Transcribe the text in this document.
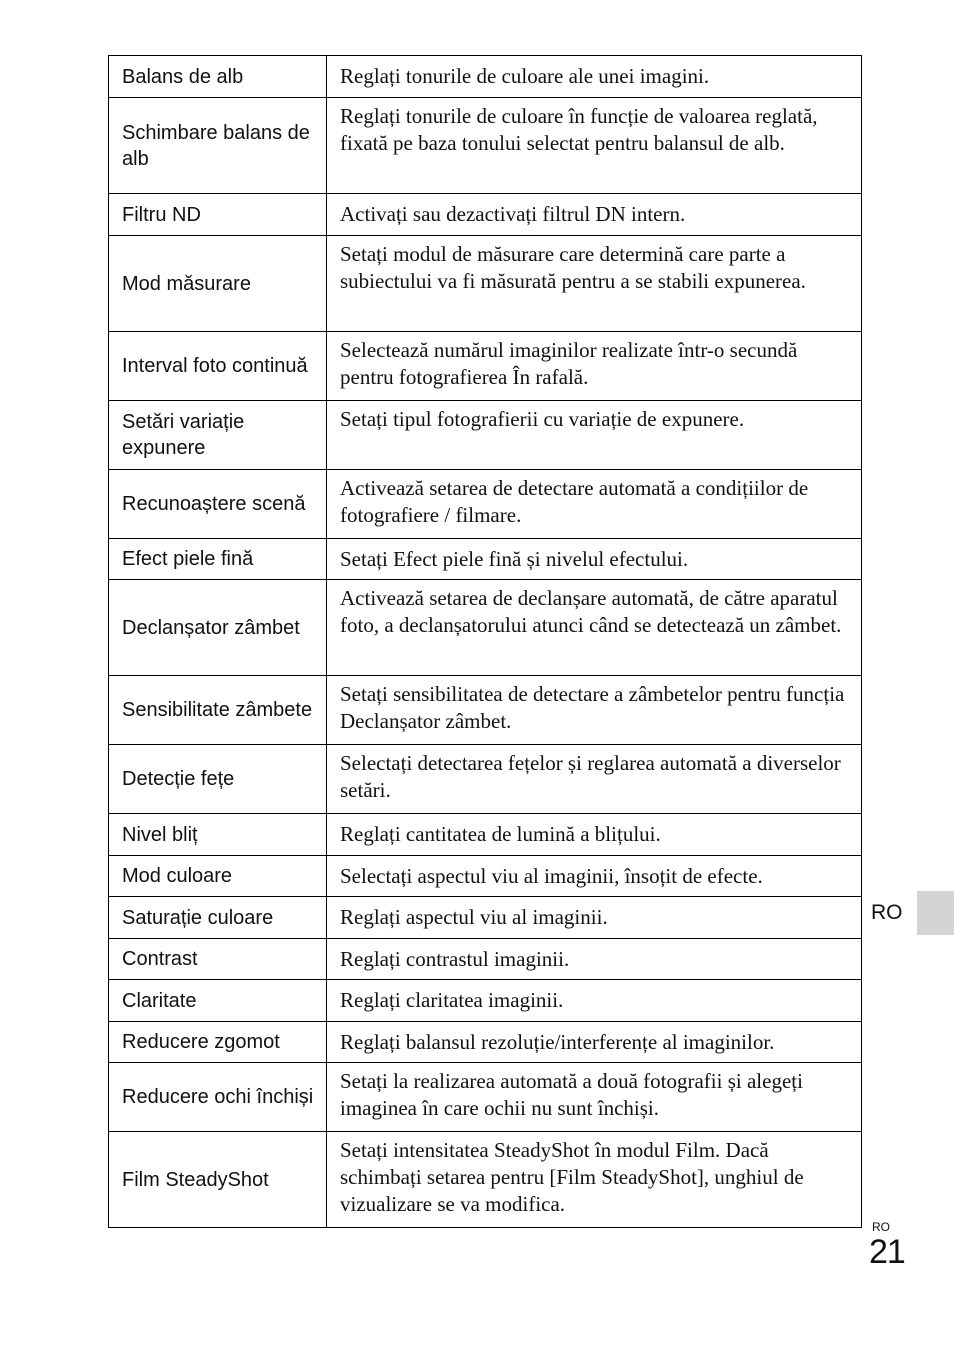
Balans de alb	Reglați tonurile de culoare ale unei imagini.
Schimbare balans de alb	Reglați tonurile de culoare în funcție de valoarea reglată, fixată pe baza tonului selectat pentru balansul de alb.
Filtru ND	Activați sau dezactivați filtrul DN intern.
Mod măsurare	Setați modul de măsurare care determină care parte a subiectului va fi măsurată pentru a se stabili expunerea.
Interval foto continuă	Selectează numărul imaginilor realizate într-o secundă pentru fotografierea În rafală.
Setări variație expunere	Setați tipul fotografierii cu variație de expunere.
Recunoaștere scenă	Activează setarea de detectare automată a condițiilor de fotografiere / filmare.
Efect piele fină	Setați Efect piele fină și nivelul efectului.
Declanșator zâmbet	Activează setarea de declanșare automată, de către aparatul foto, a declanșatorului atunci când se detectează un zâmbet.
Sensibilitate zâmbete	Setați sensibilitatea de detectare a zâmbetelor pentru funcția Declanșator zâmbet.
Detecție fețe	Selectați detectarea fețelor și reglarea automată a diverselor setări.
Nivel bliț	Reglați cantitatea de lumină a blițului.
Mod culoare	Selectați aspectul viu al imaginii, însoțit de efecte.
Saturație culoare	Reglați aspectul viu al imaginii.
Contrast	Reglați contrastul imaginii.
Claritate	Reglați claritatea imaginii.
Reducere zgomot	Reglați balansul rezoluție/interferențe al imaginilor.
Reducere ochi închiși	Setați la realizarea automată a două fotografii și alegeți imaginea în care ochii nu sunt închiși.
Film SteadyShot	Setați intensitatea SteadyShot în modul Film. Dacă schimbați setarea pentru [Film SteadyShot], unghiul de vizualizare se va modifica.
RO
RO
21
